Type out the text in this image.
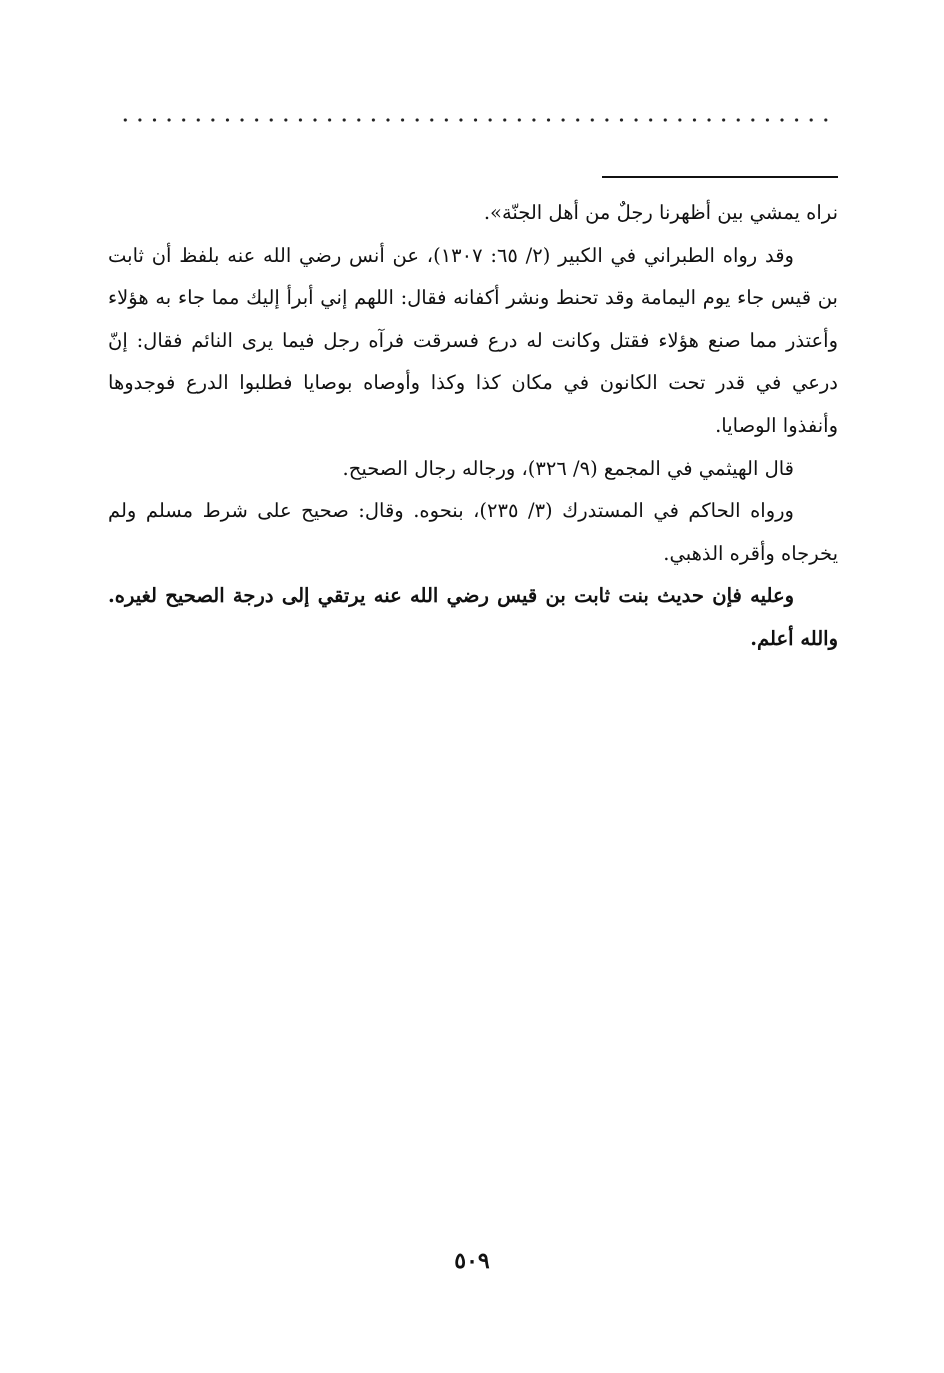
نراه يمشي بين أظهرنا رجلٌ من أهل الجنّة».

وقد رواه الطبراني في الكبير (٢/ ٦٥: ١٣٠٧)، عن أنس رضي الله عنه بلفظ أن ثابت بن قيس جاء يوم اليمامة وقد تحنط ونشر أكفانه فقال: اللهم إني أبرأ إليك مما جاء به هؤلاء وأعتذر مما صنع هؤلاء فقتل وكانت له درع فسرقت فرآه رجل فيما يرى النائم فقال: إنّ درعي في قدر تحت الكانون في مكان كذا وكذا وأوصاه بوصايا فطلبوا الدرع فوجدوها وأنفذوا الوصايا.

قال الهيثمي في المجمع (٩/ ٣٢٦)، ورجاله رجال الصحيح.

ورواه الحاكم في المستدرك (٣/ ٢٣٥)، بنحوه. وقال: صحيح على شرط مسلم ولم يخرجاه وأقره الذهبي.

وعليه فإن حديث بنت ثابت بن قيس رضي الله عنه يرتقي إلى درجة الصحيح لغيره. والله أعلم.

٥٠٩
